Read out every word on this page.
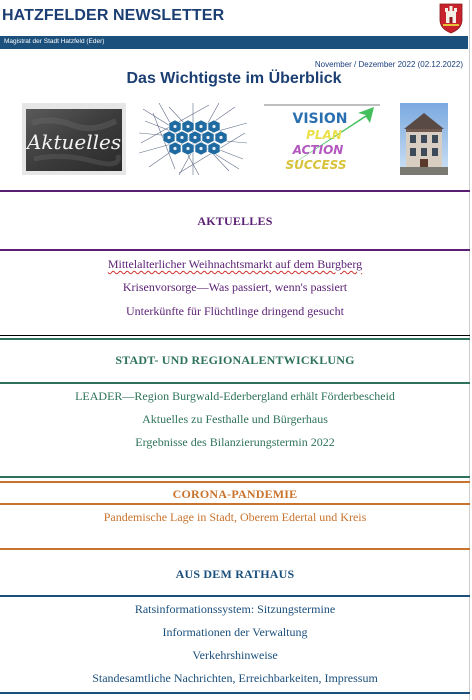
HATZFELDER NEWSLETTER
Magistrat der Stadt Hatzfeld (Eder)
November / Dezember 2022 (02.12.2022)
Das Wichtigste im Überblick
Aktuelles
VISION
PLAN
ACTION
SUCCESS
AKTUELLES
Mittelalterlicher Weihnachtsmarkt auf dem Burgberg
Krisenvorsorge—Was passiert, wenn's passiert
Unterkünfte für Flüchtlinge dringend gesucht
STADT- UND REGIONALENTWICKLUNG
LEADER—Region Burgwald-Ederbergland erhält Förderbescheid
Aktuelles zu Festhalle und Bürgerhaus
Ergebnisse des Bilanzierungstermin 2022
CORONA-PANDEMIE
Pandemische Lage in Stadt, Oberem Edertal und Kreis
AUS DEM RATHAUS
Ratsinformationssystem: Sitzungstermine
Informationen der Verwaltung
Verkehrshinweise
Standesamtliche Nachrichten, Erreichbarkeiten, Impressum
